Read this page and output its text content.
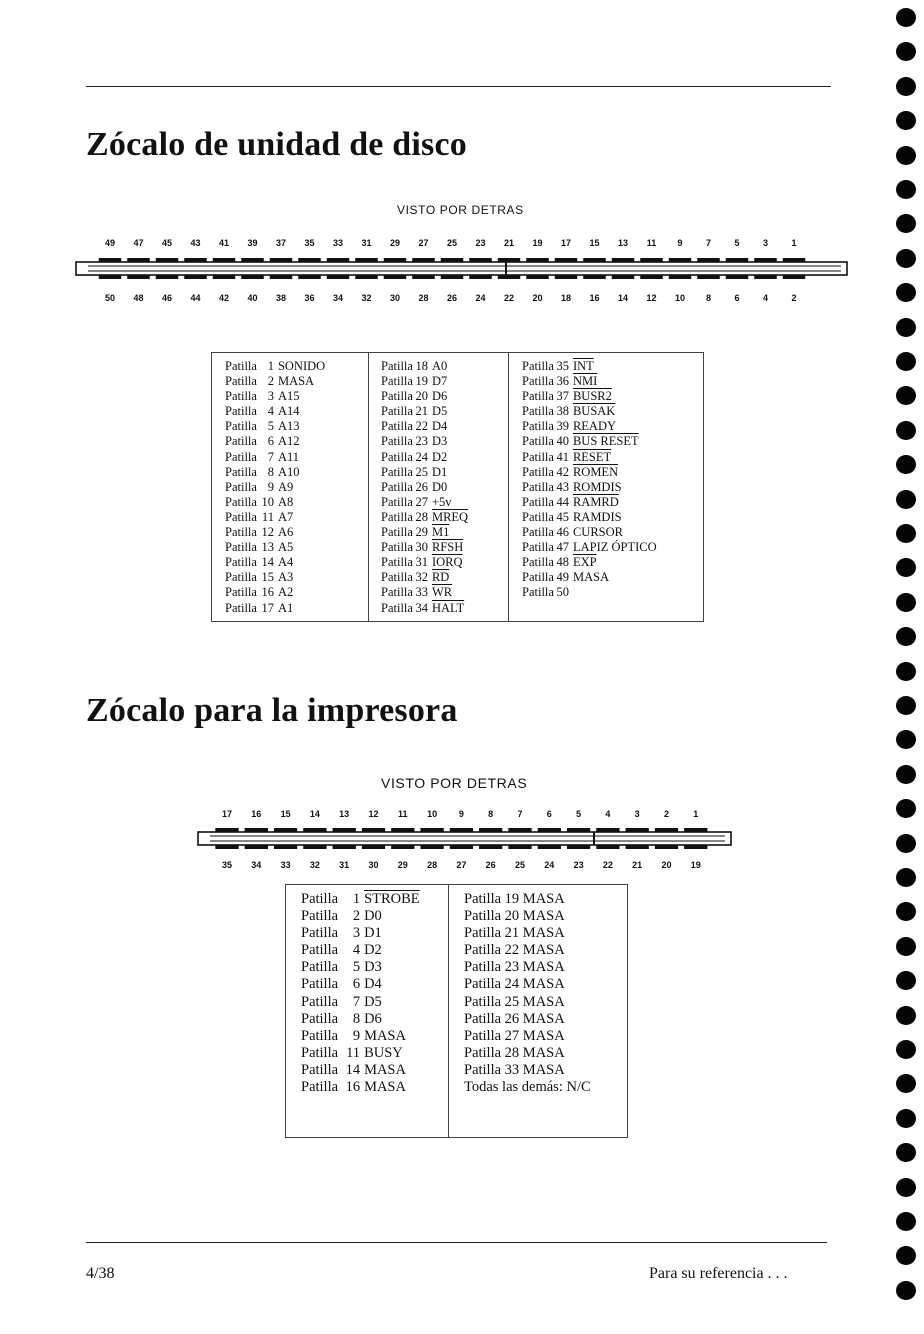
Zócalo de unidad de disco
VISTO POR DETRAS
49 47 45 43 41 39 37 35 33 31 29 27 25 23 21 19 17 15 13 11 9	7	5	3	1
50 48 46 44 42 40 38 36 34 32 30 28 26 24 22 20 18 16 14 12 10 8	6	4	2
Patilla 1 SONIDO
Patilla 2 MASA
Patilla 3 A15
Patilla 4 A14
Patilla 5 A13
Patilla 6 A12
Patilla 7 A11
Patilla 8 A10
Patilla 9 A9
Patilla 10 A8
Patilla 11 A7
Patilla 12 A6
Patilla 13 A5
Patilla 14 A4
Patilla 15 A3
Patilla 16 A2
Patilla 17 A1
Patilla 18 A0
Patilla 19 D7
Patilla 20 D6
Patilla 21 D5
Patilla 22 D4
Patilla 23 D3
Patilla 24 D2
Patilla 25 D1
Patilla 26 D0
Patilla 27 +5v
Patilla 28 MREQ
Patilla 29 M1
Patilla 30 RFSH
Patilla 31 IORQ
Patilla 32 $\overline{RD}$
Patilla 33 $\overline{WR}$
Patilla 34 HALT
Patilla 35 $\overline{INT}$
Patilla 36 $\overline{NMI}$
Patilla 37 BUSR2
Patilla 38 BUSAK
Patilla 39 READY
Patilla 40 BUS RESET
Patilla 41 RESET
Patilla 42 ROMEN
Patilla 43 ROMDIS
Patilla 44 RAMRD
Patilla 45 RAMDIS
Patilla 46 CURSOR
Patilla 47 LAPIZ ÓPTICO
Patilla 48 $\overline{EXP}$
Patilla 49 MASA
Patilla 50
Zócalo para la impresora
VISTO POR DETRAS
17 16 15 14 13 12 11 10 9	8	7	6	5	4	3	2	1
35 34 33 32 31 30 29 28 27 26 25 24 23 22 21 20 19
Patilla 1 STROBE
Patilla 2 D0
Patilla 3 D1
Patilla 4 D2
Patilla 5 D3
Patilla 6 D4
Patilla 7 D5
Patilla 8 D6
Patilla 9 MASA
Patilla 11 BUSY
Patilla 14 MASA
Patilla 16 MASA
Patilla 19 MASA
Patilla 20 MASA
Patilla 21 MASA
Patilla 22 MASA
Patilla 23 MASA
Patilla 24 MASA
Patilla 25 MASA
Patilla 26 MASA
Patilla 27 MASA
Patilla 28 MASA
Patilla 33 MASA
Todas las demás: N/C
4/38	Para su referencia . . .
